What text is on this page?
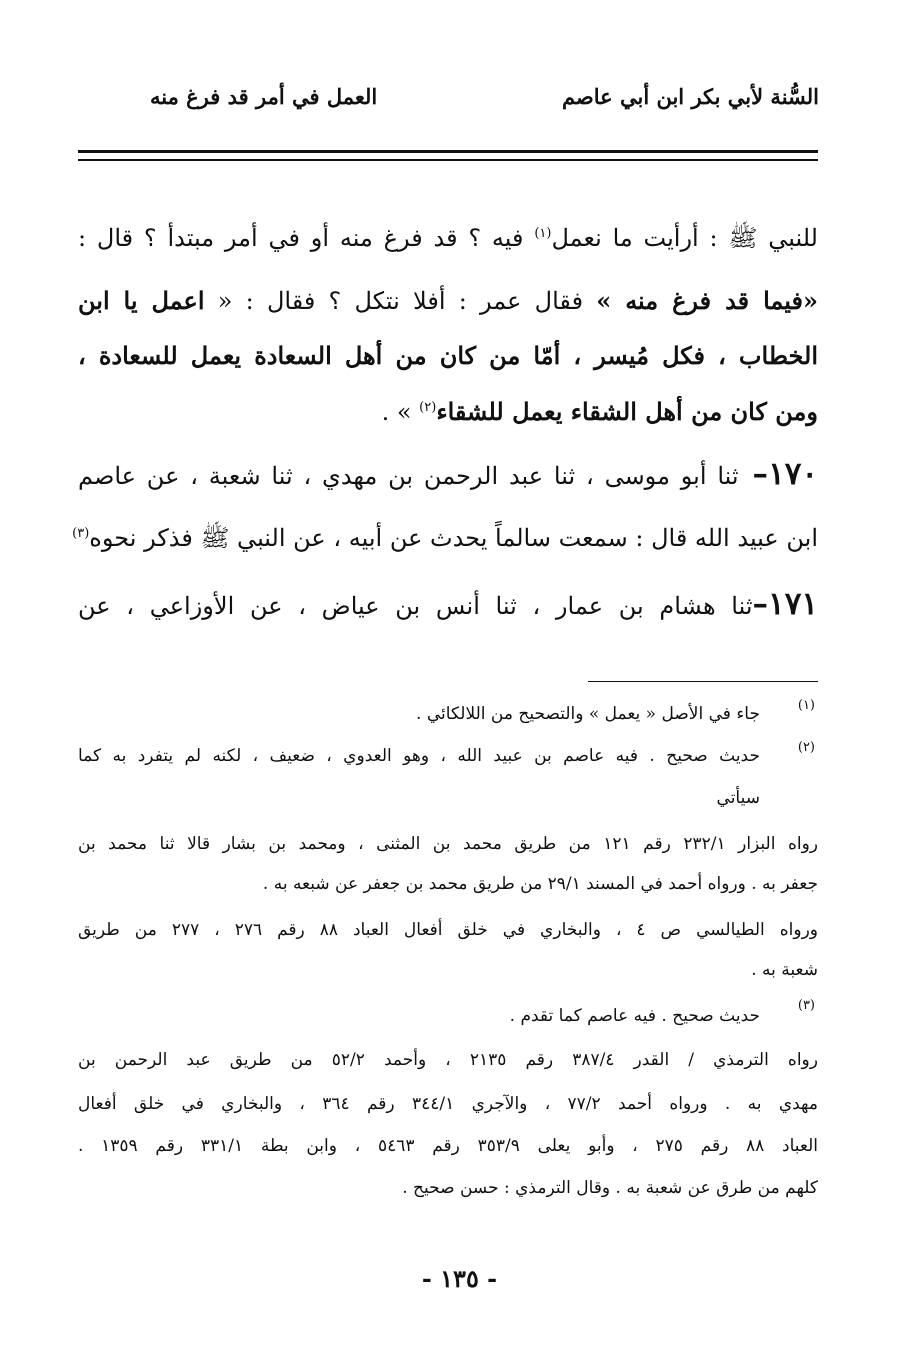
السُّنة لأبي بكر ابن أبي عاصم
العمل في أمر قد فرغ منه
للنبي ﷺ : أرأيت ما نعمل$^{(١)}$ فيه ؟ قد فرغ منه أو في أمر مبتدأ ؟ قال :
«فيما قد فرغ منه » فقال عمر : أفلا نتكل ؟ فقال : « اعمل يا ابن
الخطاب ، فكل مُيسر ، أمّا من كان من أهل السعادة يعمل للسعادة ،
ومن كان من أهل الشقاء يعمل للشقاء$^{(٢)}$ » .
١٧٠– ثنا أبو موسى ، ثنا عبد الرحمن بن مهدي ، ثنا شعبة ، عن عاصم
ابن عبيد الله قال : سمعت سالماً يحدث عن أبيه ، عن النبي ﷺ فذكر نحوه$^{(٣)}$
١٧١–ثنا هشام بن عمار ، ثنا أنس بن عياض ، عن الأوزاعي ، عن
(١)
جاء في الأصل « يعمل » والتصحيح من اللالكائي .
(٢)
حديث صحيح . فيه عاصم بن عبيد الله ، وهو العدوي ، ضعيف ، لكنه لم يتفرد به كما
سيأتي
رواه البزار ٢٣٢/١ رقم ١٢١ من طريق محمد بن المثنى ، ومحمد بن بشار قالا ثنا محمد بن
جعفر به . ورواه أحمد في المسند ٢٩/١ من طريق محمد بن جعفر عن شبعه به .
ورواه الطيالسي ص ٤ ، والبخاري في خلق أفعال العباد ٨٨ رقم ٢٧٦ ، ٢٧٧ من طريق
شعبة به .
(٣)
حديث صحيح . فيه عاصم كما تقدم .
رواه الترمذي / القدر ٣٨٧/٤ رقم ٢١٣٥ ، وأحمد ٥٢/٢ من طريق عبد الرحمن بن
مهدي به . ورواه أحمد ٧٧/٢ ، والآجري ٣٤٤/١ رقم ٣٦٤ ، والبخاري في خلق أفعال
العباد ٨٨ رقم ٢٧٥ ، وأبو يعلى ٣٥٣/٩ رقم ٥٤٦٣ ، وابن بطة ٣٣١/١ رقم ١٣٥٩ .
كلهم من طرق عن شعبة به . وقال الترمذي : حسن صحيح .
- ١٣٥ -
